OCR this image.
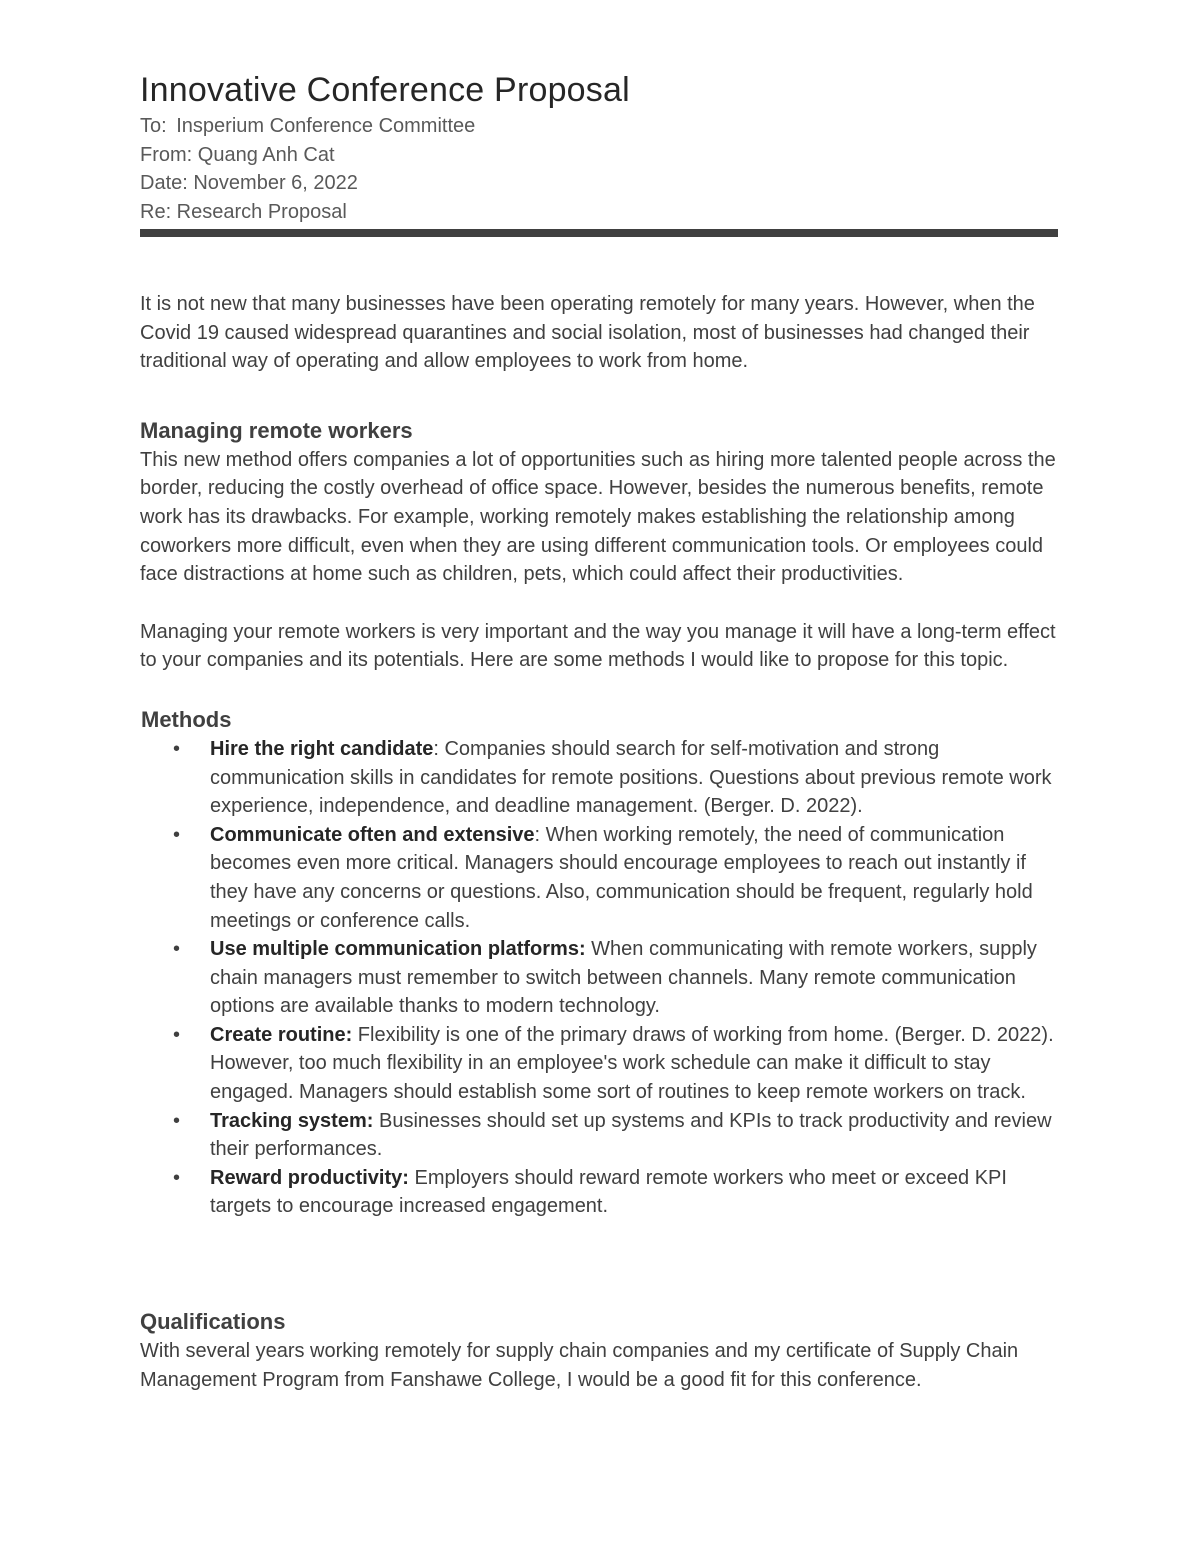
Innovative Conference Proposal

To: Insperium Conference Committee

From: Quang Anh Cat

Date: November 6, 2022

Re: Research Proposal

It is not new that many businesses have been operating remotely for many years. However, when the Covid 19 caused widespread quarantines and social isolation, most of businesses had changed their traditional way of operating and allow employees to work from home.

Managing remote workers

This new method offers companies a lot of opportunities such as hiring more talented people across the border, reducing the costly overhead of office space. However, besides the numerous benefits, remote work has its drawbacks. For example, working remotely makes establishing the relationship among coworkers more difficult, even when they are using different communication tools. Or employees could face distractions at home such as children, pets, which could affect their productivities.

Managing your remote workers is very important and the way you manage it will have a long-term effect to your companies and its potentials. Here are some methods I would like to propose for this topic.

Methods
• Hire the right candidate: Companies should search for self-motivation and strong communication skills in candidates for remote positions. Questions about previous remote work experience, independence, and deadline management. (Berger. D. 2022).
• Communicate often and extensive: When working remotely, the need of communication becomes even more critical. Managers should encourage employees to reach out instantly if they have any concerns or questions. Also, communication should be frequent, regularly hold meetings or conference calls.
• Use multiple communication platforms: When communicating with remote workers, supply chain managers must remember to switch between channels. Many remote communication options are available thanks to modern technology.
• Create routine: Flexibility is one of the primary draws of working from home. (Berger. D. 2022). However, too much flexibility in an employee's work schedule can make it difficult to stay engaged. Managers should establish some sort of routines to keep remote workers on track.
• Tracking system: Businesses should set up systems and KPIs to track productivity and review their performances.
• Reward productivity: Employers should reward remote workers who meet or exceed KPI targets to encourage increased engagement.
Qualifications

With several years working remotely for supply chain companies and my certificate of Supply Chain Management Program from Fanshawe College, I would be a good fit for this conference.
